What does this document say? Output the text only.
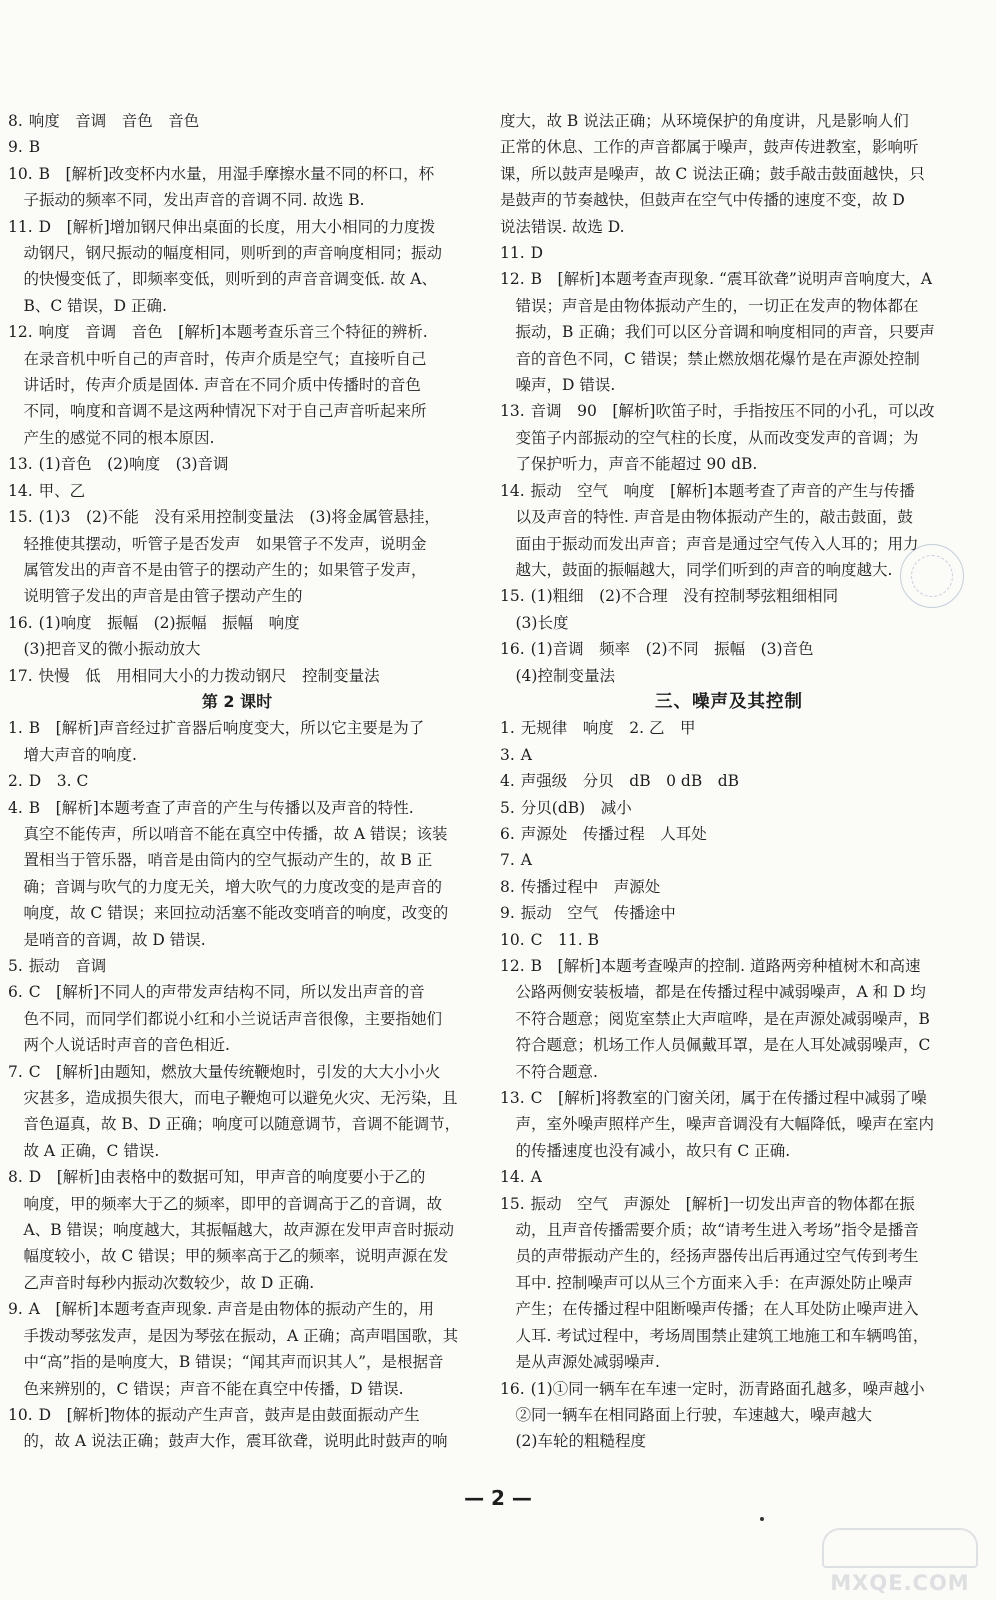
8. 响度　音调　音色　音色
9. B
10. B　[解析]改变杯内水量，用湿手摩擦水量不同的杯口，杯
子振动的频率不同，发出声音的音调不同. 故选 B.
11. D　[解析]增加钢尺伸出桌面的长度，用大小相同的力度拨
动钢尺，钢尺振动的幅度相同，则听到的声音响度相同；振动
的快慢变低了，即频率变低，则听到的声音音调变低. 故 A、
B、C 错误，D 正确.
12. 响度　音调　音色　[解析]本题考查乐音三个特征的辨析.
在录音机中听自己的声音时，传声介质是空气；直接听自己
讲话时，传声介质是固体. 声音在不同介质中传播时的音色
不同，响度和音调不是这两种情况下对于自己声音听起来所
产生的感觉不同的根本原因.
13. (1)音色　(2)响度　(3)音调
14. 甲、乙
15. (1)3　(2)不能　没有采用控制变量法　(3)将金属管悬挂，
轻推使其摆动，听管子是否发声　如果管子不发声，说明金
属管发出的声音不是由管子的摆动产生的；如果管子发声，
说明管子发出的声音是由管子摆动产生的
16. (1)响度　振幅　(2)振幅　振幅　响度
(3)把音叉的微小振动放大
17. 快慢　低　用相同大小的力拨动钢尺　控制变量法
第 2 课时
1. B　[解析]声音经过扩音器后响度变大，所以它主要是为了
增大声音的响度.
2. D　3. C
4. B　[解析]本题考查了声音的产生与传播以及声音的特性.
真空不能传声，所以哨音不能在真空中传播，故 A 错误；该装
置相当于管乐器，哨音是由筒内的空气振动产生的，故 B 正
确；音调与吹气的力度无关，增大吹气的力度改变的是声音的
响度，故 C 错误；来回拉动活塞不能改变哨音的响度，改变的
是哨音的音调，故 D 错误.
5. 振动　音调
6. C　[解析]不同人的声带发声结构不同，所以发出声音的音
色不同，而同学们都说小红和小兰说话声音很像，主要指她们
两个人说话时声音的音色相近.
7. C　[解析]由题知，燃放大量传统鞭炮时，引发的大大小小火
灾甚多，造成损失很大，而电子鞭炮可以避免火灾、无污染，且
音色逼真，故 B、D 正确；响度可以随意调节，音调不能调节，
故 A 正确，C 错误.
8. D　[解析]由表格中的数据可知，甲声音的响度要小于乙的
响度，甲的频率大于乙的频率，即甲的音调高于乙的音调，故
A、B 错误；响度越大，其振幅越大，故声源在发甲声音时振动
幅度较小，故 C 错误；甲的频率高于乙的频率，说明声源在发
乙声音时每秒内振动次数较少，故 D 正确.
9. A　[解析]本题考查声现象. 声音是由物体的振动产生的，用
手拨动琴弦发声，是因为琴弦在振动，A 正确；高声唱国歌，其
中“高”指的是响度大，B 错误；“闻其声而识其人”，是根据音
色来辨别的，C 错误；声音不能在真空中传播，D 错误.
10. D　[解析]物体的振动产生声音，鼓声是由鼓面振动产生
的，故 A 说法正确；鼓声大作，震耳欲聋，说明此时鼓声的响
度大，故 B 说法正确；从环境保护的角度讲，凡是影响人们
正常的休息、工作的声音都属于噪声，鼓声传进教室，影响听
课，所以鼓声是噪声，故 C 说法正确；鼓手敲击鼓面越快，只
是鼓声的节奏越快，但鼓声在空气中传播的速度不变，故 D
说法错误. 故选 D.
11. D
12. B　[解析]本题考查声现象. “震耳欲聋”说明声音响度大，A
错误；声音是由物体振动产生的，一切正在发声的物体都在
振动，B 正确；我们可以区分音调和响度相同的声音，只要声
音的音色不同，C 错误；禁止燃放烟花爆竹是在声源处控制
噪声，D 错误.
13. 音调　90　[解析]吹笛子时，手指按压不同的小孔，可以改
变笛子内部振动的空气柱的长度，从而改变发声的音调；为
了保护听力，声音不能超过 90 dB.
14. 振动　空气　响度　[解析]本题考查了声音的产生与传播
以及声音的特性. 声音是由物体振动产生的，敲击鼓面，鼓
面由于振动而发出声音；声音是通过空气传入人耳的；用力
越大，鼓面的振幅越大，同学们听到的声音的响度越大.
15. (1)粗细　(2)不合理　没有控制琴弦粗细相同
(3)长度
16. (1)音调　频率　(2)不同　振幅　(3)音色
(4)控制变量法
三、噪声及其控制
1. 无规律　响度　2. 乙　甲
3. A
4. 声强级　分贝　dB　0 dB　dB
5. 分贝(dB)　减小
6. 声源处　传播过程　人耳处
7. A
8. 传播过程中　声源处
9. 振动　空气　传播途中
10. C　11. B
12. B　[解析]本题考查噪声的控制. 道路两旁种植树木和高速
公路两侧安装板墙，都是在传播过程中减弱噪声，A 和 D 均
不符合题意；阅览室禁止大声喧哗，是在声源处减弱噪声，B
符合题意；机场工作人员佩戴耳罩，是在人耳处减弱噪声，C
不符合题意.
13. C　[解析]将教室的门窗关闭，属于在传播过程中减弱了噪
声，室外噪声照样产生，噪声音调没有大幅降低，噪声在室内
的传播速度也没有减小，故只有 C 正确.
14. A
15. 振动　空气　声源处　[解析]一切发出声音的物体都在振
动，且声音传播需要介质；故“请考生进入考场”指令是播音
员的声带振动产生的，经扬声器传出后再通过空气传到考生
耳中. 控制噪声可以从三个方面来入手：在声源处防止噪声
产生；在传播过程中阻断噪声传播；在人耳处防止噪声进入
人耳. 考试过程中，考场周围禁止建筑工地施工和车辆鸣笛，
是从声源处减弱噪声.
16. (1)①同一辆车在车速一定时，沥青路面孔越多，噪声越小
②同一辆车在相同路面上行驶，车速越大，噪声越大
(2)车轮的粗糙程度
— 2 —
MXQE.COM
